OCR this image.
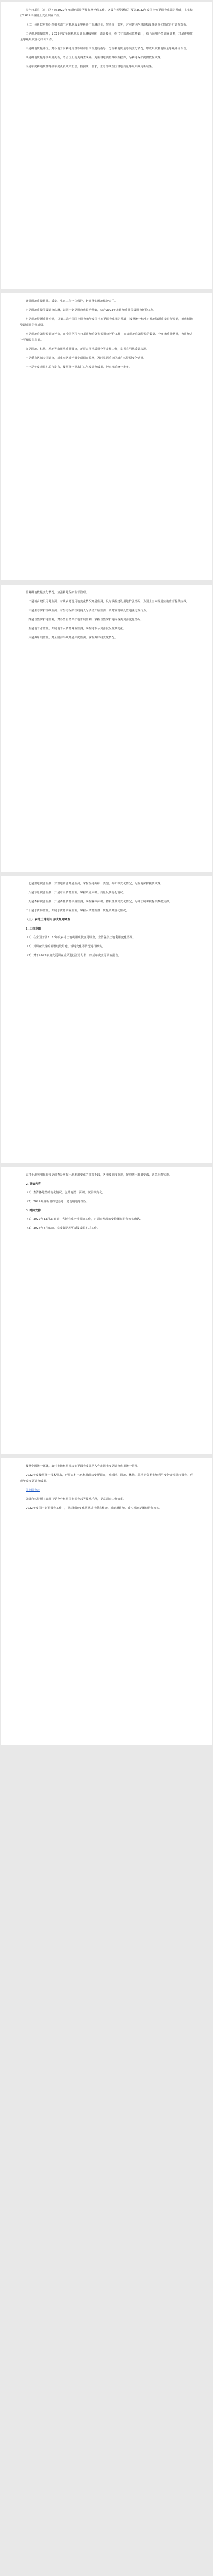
协作开展县（市、区）的2022年度耕地质量等级监测评价工作。各级自然资源部门要以2022年度国土变更调查成果为基础，扎实做好2022年度国土变更调查工作。

（二）县级政府要组织相关部门对耕地质量等级进行监测评价，按照统一部署，对本辖区内耕地质量等级变化情况进行调查分析。

二是耕地质量监测，2022年度全国耕地质量监测按照统一部署要求，在已有监测点位基础上，综合运用各类调查资料，开展耕地质量等级年度变化评价工作。

三是耕地质量评价，对各地开展耕地质量等级评价工作进行指导，分析耕地质量等级变化情况，形成年度耕地质量等级评价报告。

四是耕地质量等级年度更新，结合国土变更调查成果，更新耕地质量等级数据库，为耕地保护提供数据支撑。

文是年度耕地质量等级年度更新成果汇总，按照统一要求，汇总形成全国耕地质量等级年度更新成果。

确保耕地质量数量、质量、生态三位一体保护，切实落实耕地保护责任。

六是耕地质量等级调查监测，以国土变更调查成果为基础，结合2022年度耕地质量等级调查评价工作。

七是耕地资源质量分类，以第三次全国国土调查和年度国土变更调查成果为基础，按照统一标准对耕地资源质量进行分类，形成耕地资源质量分类成果。

八是耕地后备资源调查评价，在全国范围内开展耕地后备资源调查评价工作，查清耕地后备资源的数量、分布和质量状况，为耕地占补平衡提供依据。

九是园地、林地、草地等农用地质量调查，开展农用地质量分等定级工作，掌握农用地质量状况。

十是重点区域专项调查，对重点区域开展专项调查监测，及时掌握重点区域自然资源变化情况。

十一是年度成果汇总与发布，按照统一要求汇总年度调查成果，经审核后统一发布。

监测耕地数量变化情况，加强耕地保护监督管理。

十二是城乡建设用地监测，对城乡建设用地变化情况开展监测，及时掌握建设用地扩张情况，为国土空间规划实施监督提供支撑。

十三是生态保护红线监测，对生态保护红线内人为活动开展监测，及时发现和处置违法违规行为。

十四是自然保护地监测，对各类自然保护地开展监测，掌握自然保护地内各类资源变化情况。

十五是地下水监测，开展地下水资源调查监测，掌握地下水资源状况及其变化。

十六是海岸线监测，对全国海岸线开展年度监测，掌握海岸线变化情况。

十七是湿地资源监测，对湿地资源开展监测，掌握湿地面积、类型、分布等变化情况，为湿地保护提供支撑。

十八是草原资源监测，开展草原资源监测，掌握草原面积、质量及其变化情况。

十九是森林资源监测，开展森林资源年度监测，掌握森林面积、蓄积量及其变化情况，为林长制考核提供数据支撑。

二十是水资源监测，开展水资源调查监测，掌握水资源数量、质量及其变化情况。

（三）农村土地利用现状变更调查
1. 工作范围

（1）在全国开展2022年度农村土地利用现状变更调查，查清各类土地利用变化情况。

（2）对调查发现的新增建设用地、耕地变化等情况进行核实。

（3）对于2022年度变更调查成果进行汇总分析，形成年度变更调查报告。

农村土地利用现状变更调查是掌握土地利用变化的重要手段，各地要高度重视，按照统一部署要求，认真组织实施。

2. 调查内容

（1）查清各地类的变化情况，包括地类、面积、权属等变化。

（2）2022年度新增的宅基地、建设用地等情况。

3. 时间安排

（1）2022年12月31日前，各地完成外业调查工作，对调查发现的变化图斑进行核实确认。

（2）2023年3月底前，完成数据库更新及成果汇总工作。

按照全国统一部署，农村土地利用现状变更调查成果纳入年度国土变更调查成果统一管理。

2022年度按照统一技术要求，开展农村土地利用现状变更调查，对耕地、园地、林地、草地等各类土地利用变化情况进行调查，形成年度变更调查成果。

国土调查云

各级自然资源主管部门要充分利用国土调查云等技术手段，提高调查工作效率。

2022年度国土变更调查工作中，要对耕地变化情况进行重点核查，对新增耕地、减少耕地逐图斑进行核实。
